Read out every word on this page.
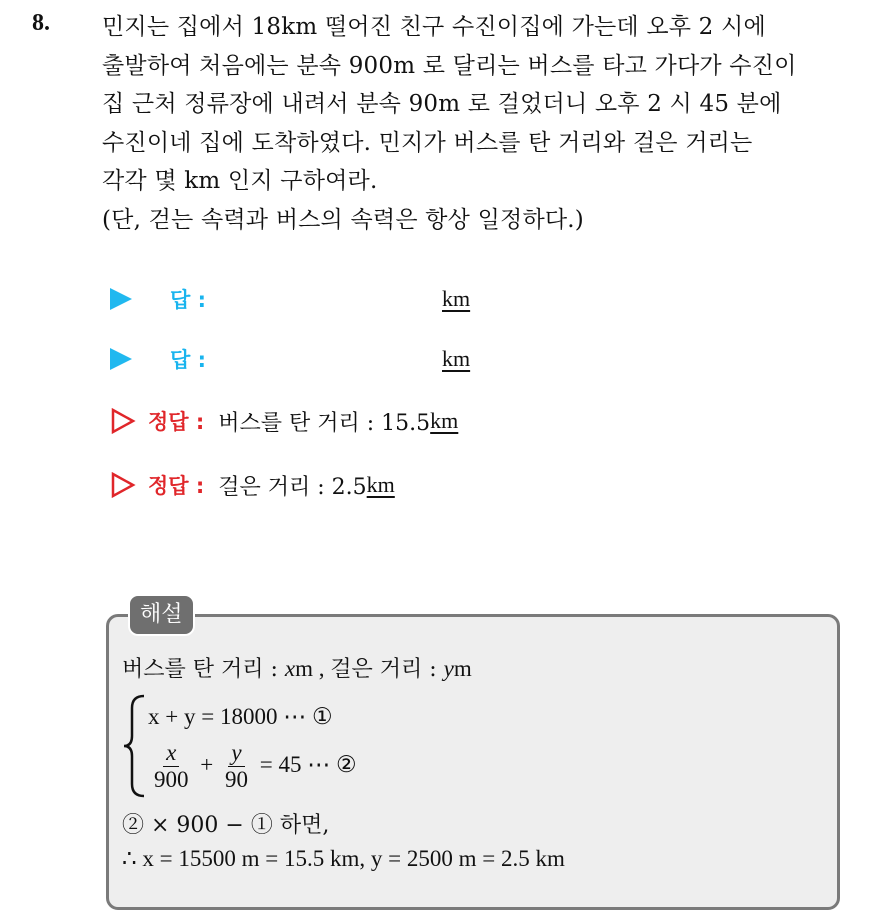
8. 민지는 집에서 18km 떨어진 친구 수진이집에 가는데 오후 2 시에
출발하여 처음에는 분속 900m 로 달리는 버스를 타고 가다가 수진이
집 근처 정류장에 내려서 분속 90m 로 걸었더니 오후 2 시 45 분에
수진이네 집에 도착하였다. 민지가 버스를 탄 거리와 걸은 거리는
각각 몇 km 인지 구하여라.
(단, 걷는 속력과 버스의 속력은 항상 일정하다.)
답 :	km
답 :	km
정답 : 버스를 탄 거리 : 15.5 km
정답 : 걸은 거리 : 2.5 km
해설
버스를 탄 거리 : xm , 걸은 거리 : ym
x + y = 18000 ⋯ ①
$\frac{x}{900} + \frac{y}{90} = 45$ ⋯ ②
② × 900 − ① 하면,
∴ x = 15500 m = 15.5 km, y = 2500 m = 2.5 km
